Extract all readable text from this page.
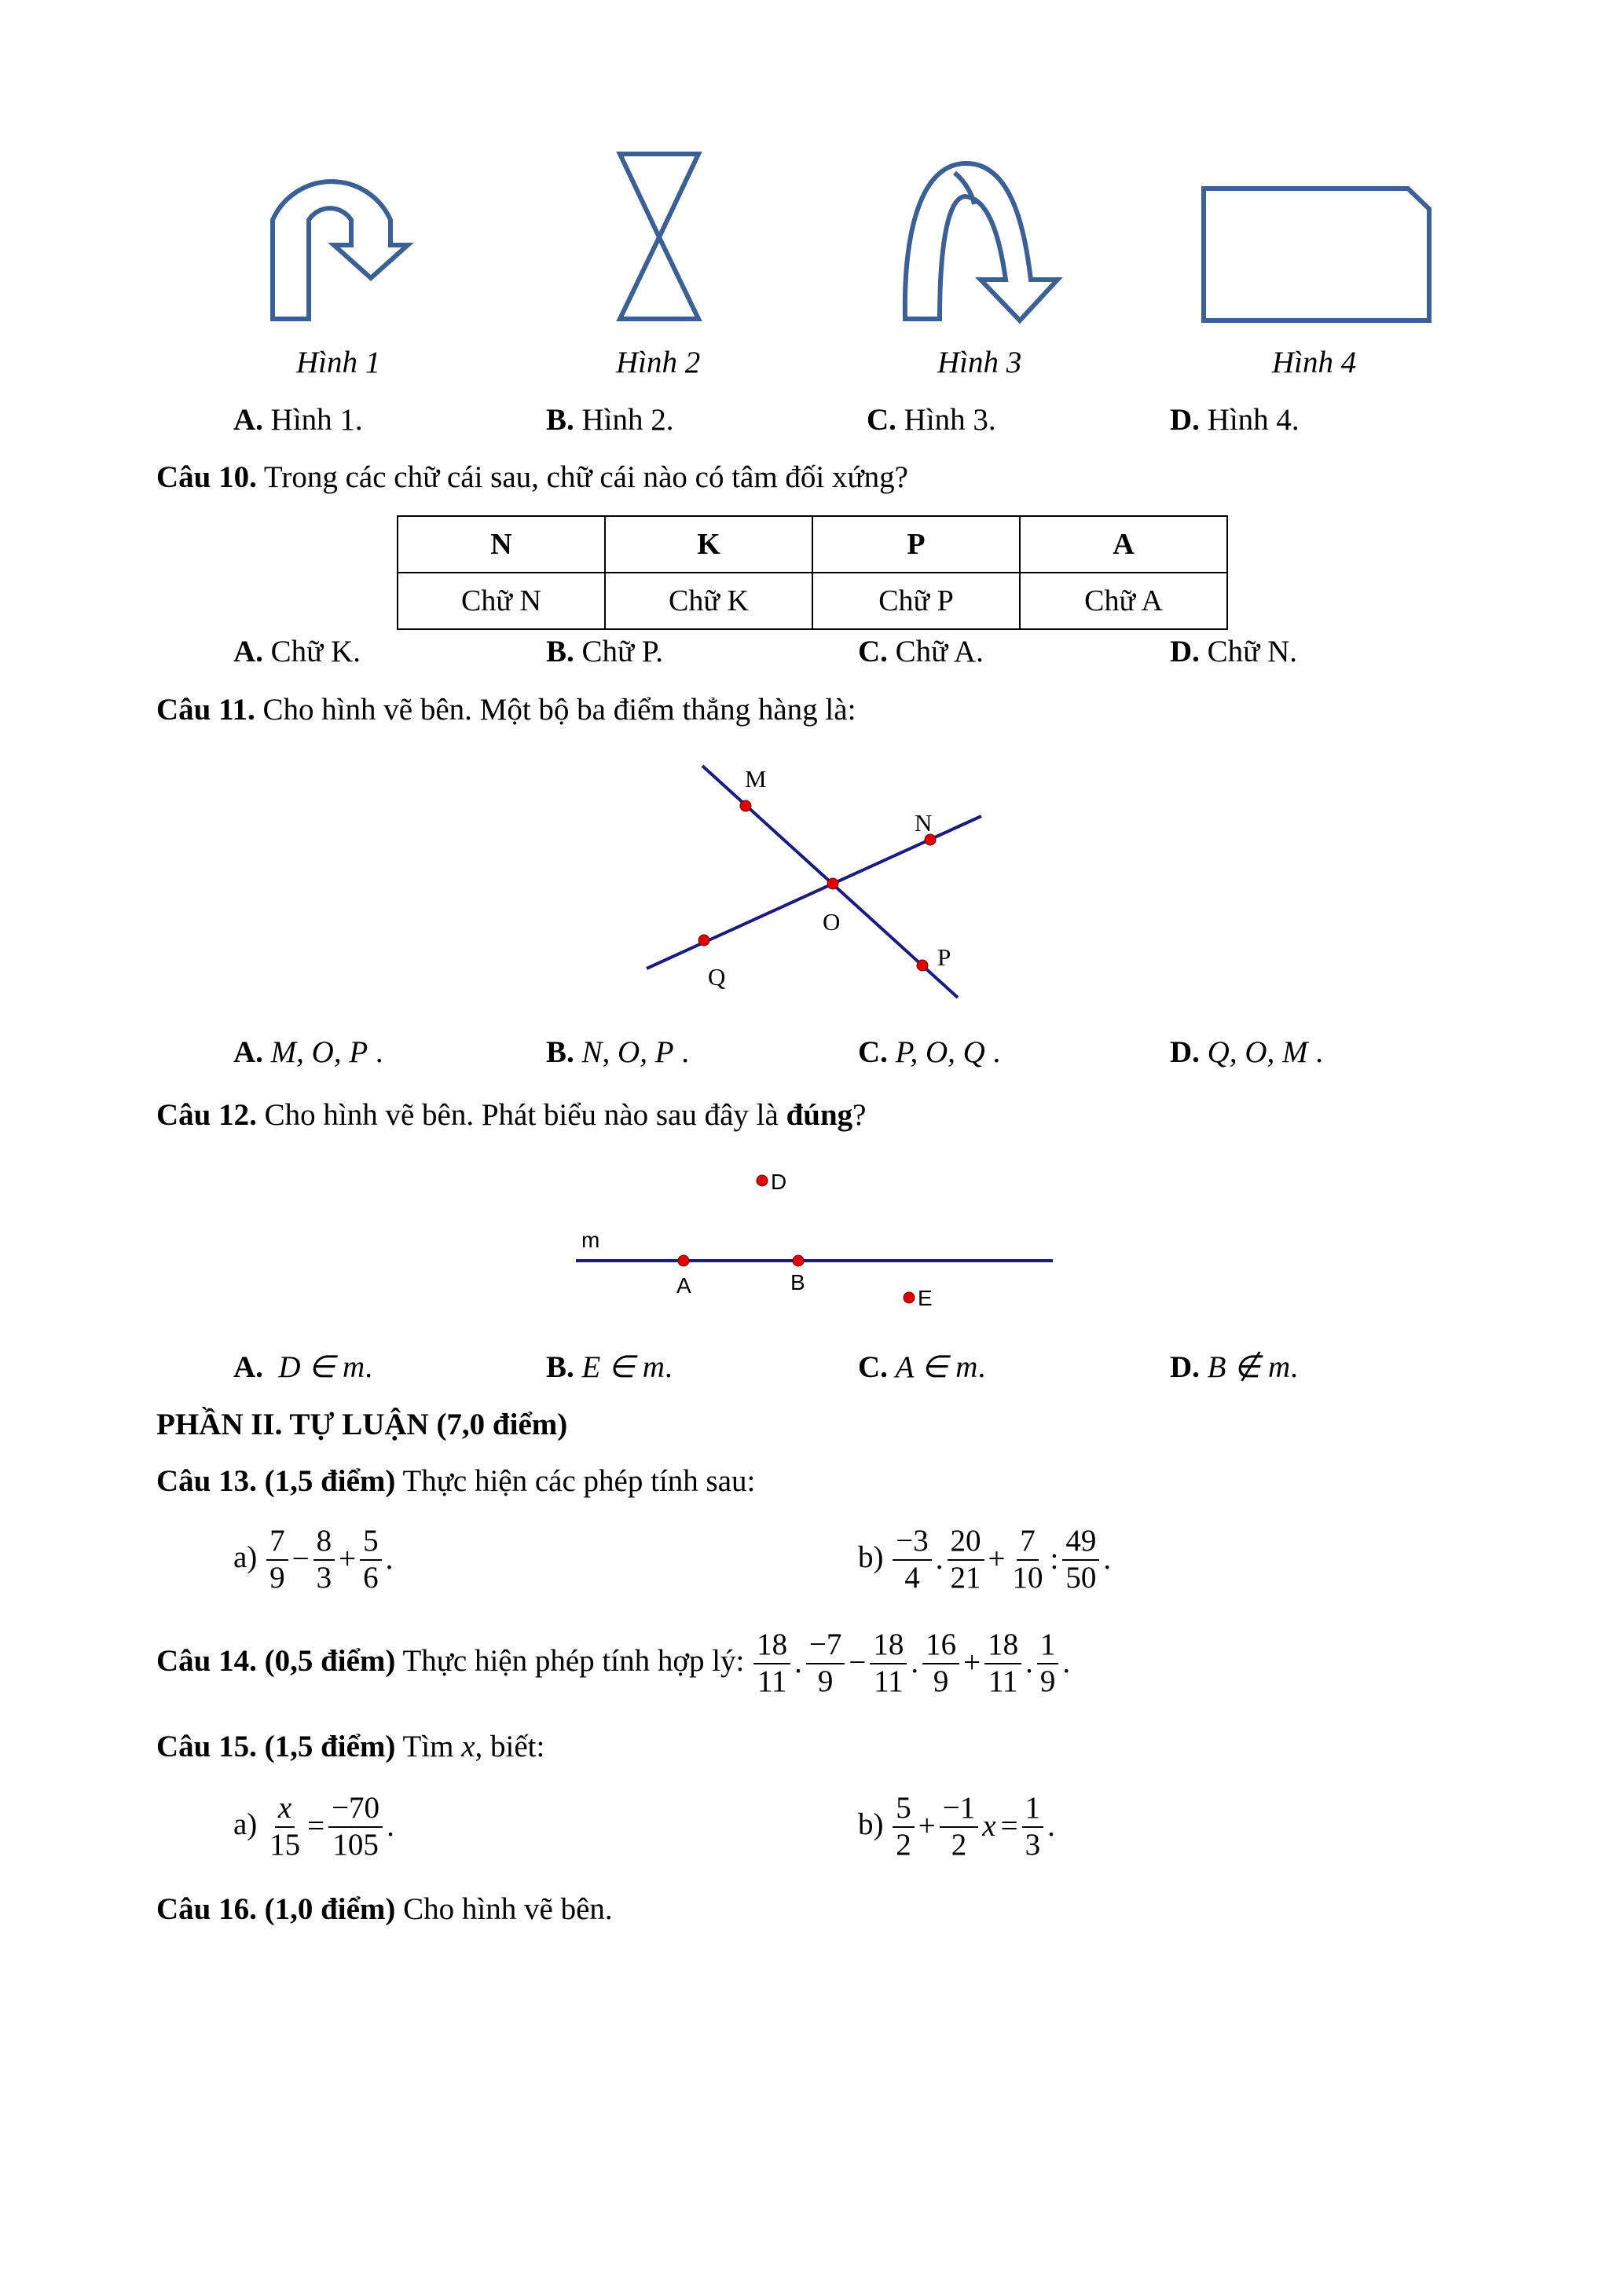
Hình 1	Hình 2	Hình 3	Hình 4
A. Hình 1.	B. Hình 2.	C. Hình 3.	D. Hình 4.
Câu 10. Trong các chữ cái sau, chữ cái nào có tâm đối xứng?
N	K	P	A
Chữ N	Chữ K	Chữ P	Chữ A
A. Chữ K.	B. Chữ P.	C. Chữ A.	D. Chữ N.
Câu 11. Cho hình vẽ bên. Một bộ ba điểm thẳng hàng là:
M
N
O
Q
P
A. M, O, P .	B. N, O, P .	C. P, O, Q .	D. Q, O, M .
Câu 12. Cho hình vẽ bên. Phát biểu nào sau đây là đúng?
m
A	B
D
E
A. D ∈ m.	B. E ∈ m.	C. A ∈ m.	D. B ∉ m.
PHẦN II. TỰ LUẬN (7,0 điểm)
Câu 13. (1,5 điểm) Thực hiện các phép tính sau:
$a) \frac{7}{9} - \frac{8}{3} + \frac{5}{6}$ .	$b) \frac{-3}{4}$ . $\frac{20}{21} + \frac{7}{10}$ : $\frac{49}{50}$ .
Câu 14. (0,5 điểm) Thực hiện phép tính hợp lý: $\frac{18}{11}$ . $\frac{-7}{9} - \frac{18}{11}$ . $\frac{16}{9} + \frac{18}{11}$ . $\frac{1}{9}$ .
Câu 15. (1,5 điểm) Tìm x, biết:
$a) \frac{x}{15} = \frac{-70}{105}$ .	$b) \frac{5}{2} + \frac{-1}{2}$ $x = \frac{1}{3}$ .
Câu 16. (1,0 điểm) Cho hình vẽ bên.
